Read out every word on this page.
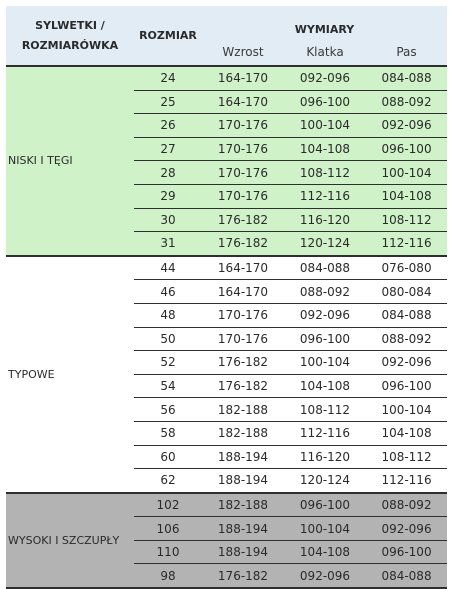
SYLWETKI /
ROZMIARÓWKA	ROZMIAR	WYMIARY		
		Wzrost	Klatka	Pas
NISKI I TĘGI	24	164-170	092-096	084-088
	25	164-170	096-100	088-092
	26	170-176	100-104	092-096
	27	170-176	104-108	096-100
	28	170-176	108-112	100-104
	29	170-176	112-116	104-108
	30	176-182	116-120	108-112
	31	176-182	120-124	112-116
TYPOWE	44	164-170	084-088	076-080
	46	164-170	088-092	080-084
	48	170-176	092-096	084-088
	50	170-176	096-100	088-092
	52	176-182	100-104	092-096
	54	176-182	104-108	096-100
	56	182-188	108-112	100-104
	58	182-188	112-116	104-108
	60	188-194	116-120	108-112
	62	188-194	120-124	112-116
WYSOKI I SZCZUPŁY	102	182-188	096-100	088-092
	106	188-194	100-104	092-096
	110	188-194	104-108	096-100
	98	176-182	092-096	084-088
